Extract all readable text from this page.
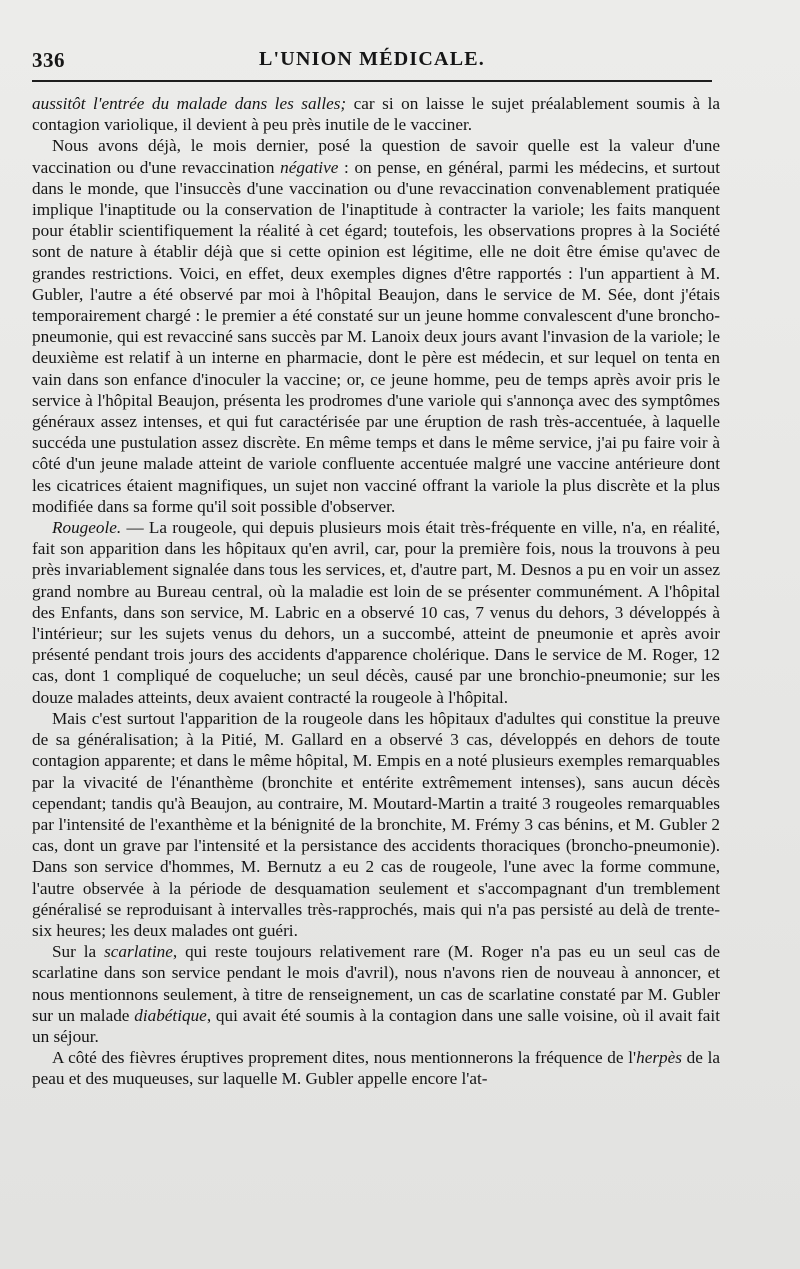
336	L'UNION MÉDICALE.

aussitôt l'entrée du malade dans les salles; car si on laisse le sujet préalablement soumis à la contagion variolique, il devient à peu près inutile de le vacciner.

Nous avons déjà, le mois dernier, posé la question de savoir quelle est la valeur d'une vaccination ou d'une revaccination négative : on pense, en général, parmi les médecins, et surtout dans le monde, que l'insuccès d'une vaccination ou d'une revaccination convenablement pratiquée implique l'inaptitude ou la conservation de l'inaptitude à contracter la variole; les faits manquent pour établir scientifiquement la réalité à cet égard; toutefois, les observations propres à la Société sont de nature à établir déjà que si cette opinion est légitime, elle ne doit être émise qu'avec de grandes restrictions. Voici, en effet, deux exemples dignes d'être rapportés : l'un appartient à M. Gubler, l'autre a été observé par moi à l'hôpital Beaujon, dans le service de M. Sée, dont j'étais temporairement chargé : le premier a été constaté sur un jeune homme convalescent d'une broncho-pneumonie, qui est revacciné sans succès par M. Lanoix deux jours avant l'invasion de la variole; le deuxième est relatif à un interne en pharmacie, dont le père est médecin, et sur lequel on tenta en vain dans son enfance d'inoculer la vaccine; or, ce jeune homme, peu de temps après avoir pris le service à l'hôpital Beaujon, présenta les prodromes d'une variole qui s'annonça avec des symptômes généraux assez intenses, et qui fut caractérisée par une éruption de rash très-accentuée, à laquelle succéda une pustulation assez discrète. En même temps et dans le même service, j'ai pu faire voir à côté d'un jeune malade atteint de variole confluente accentuée malgré une vaccine antérieure dont les cicatrices étaient magnifiques, un sujet non vacciné offrant la variole la plus discrète et la plus modifiée dans sa forme qu'il soit possible d'observer.

Rougeole. — La rougeole, qui depuis plusieurs mois était très-fréquente en ville, n'a, en réalité, fait son apparition dans les hôpitaux qu'en avril, car, pour la première fois, nous la trouvons à peu près invariablement signalée dans tous les services, et, d'autre part, M. Desnos a pu en voir un assez grand nombre au Bureau central, où la maladie est loin de se présenter communément. A l'hôpital des Enfants, dans son service, M. Labric en a observé 10 cas, 7 venus du dehors, 3 développés à l'intérieur; sur les sujets venus du dehors, un a succombé, atteint de pneumonie et après avoir présenté pendant trois jours des accidents d'apparence cholérique. Dans le service de M. Roger, 12 cas, dont 1 compliqué de coqueluche; un seul décès, causé par une bronchio-pneumonie; sur les douze malades atteints, deux avaient contracté la rougeole à l'hôpital.

Mais c'est surtout l'apparition de la rougeole dans les hôpitaux d'adultes qui constitue la preuve de sa généralisation; à la Pitié, M. Gallard en a observé 3 cas, développés en dehors de toute contagion apparente; et dans le même hôpital, M. Empis en a noté plusieurs exemples remarquables par la vivacité de l'énanthème (bronchite et entérite extrêmement intenses), sans aucun décès cependant; tandis qu'à Beaujon, au contraire, M. Moutard-Martin a traité 3 rougeoles remarquables par l'intensité de l'exanthème et la bénignité de la bronchite, M. Frémy 3 cas bénins, et M. Gubler 2 cas, dont un grave par l'intensité et la persistance des accidents thoraciques (broncho-pneumonie). Dans son service d'hommes, M. Bernutz a eu 2 cas de rougeole, l'une avec la forme commune, l'autre observée à la période de desquamation seulement et s'accompagnant d'un tremblement généralisé se reproduisant à intervalles très-rapprochés, mais qui n'a pas persisté au delà de trente-six heures; les deux malades ont guéri.

Sur la scarlatine, qui reste toujours relativement rare (M. Roger n'a pas eu un seul cas de scarlatine dans son service pendant le mois d'avril), nous n'avons rien de nouveau à annoncer, et nous mentionnons seulement, à titre de renseignement, un cas de scarlatine constaté par M. Gubler sur un malade diabétique, qui avait été soumis à la contagion dans une salle voisine, où il avait fait un séjour.

A côté des fièvres éruptives proprement dites, nous mentionnerons la fréquence de l'herpès de la peau et des muqueuses, sur laquelle M. Gubler appelle encore l'at-
